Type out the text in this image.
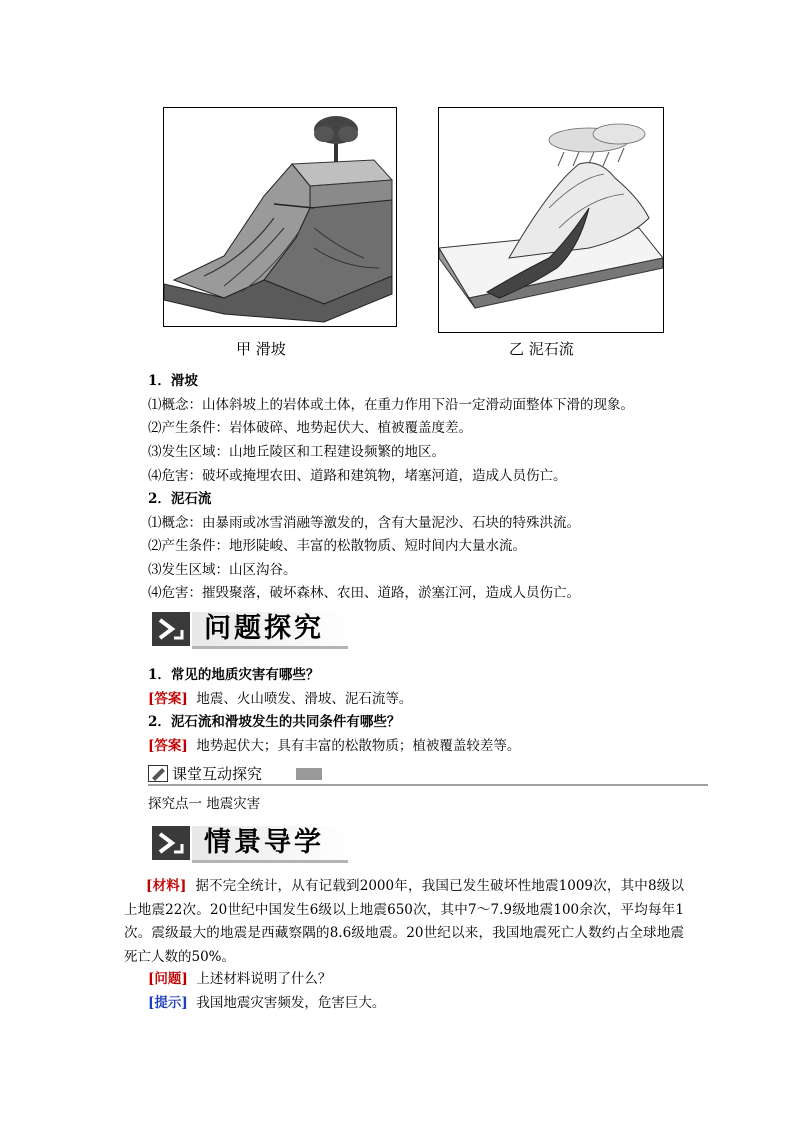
甲 滑坡	乙 泥石流
1．滑坡
⑴概念：山体斜坡上的岩体或土体，在重力作用下沿一定滑动面整体下滑的现象。
⑵产生条件：岩体破碎、地势起伏大、植被覆盖度差。
⑶发生区域：山地丘陵区和工程建设频繁的地区。
⑷危害：破坏或掩埋农田、道路和建筑物，堵塞河道，造成人员伤亡。
2．泥石流
⑴概念：由暴雨或冰雪消融等激发的，含有大量泥沙、石块的特殊洪流。
⑵产生条件：地形陡峻、丰富的松散物质、短时间内大量水流。
⑶发生区域：山区沟谷。
⑷危害：摧毁聚落，破坏森林、农田、道路，淤塞江河，造成人员伤亡。
问题探究
1．常见的地质灾害有哪些？
[答案] 地震、火山喷发、滑坡、泥石流等。
2．泥石流和滑坡发生的共同条件有哪些？
[答案] 地势起伏大；具有丰富的松散物质；植被覆盖较差等。
课堂互动探究
探究点一 地震灾害
情景导学
[材料] 据不完全统计，从有记载到2000年，我国已发生破坏性地震1009次，其中8级以上地震22次。20世纪中国发生6级以上地震650次，其中7～7.9级地震100余次，平均每年1次。震级最大的地震是西藏察隅的8.6级地震。20世纪以来，我国地震死亡人数约占全球地震死亡人数的50%。
[问题] 上述材料说明了什么？
[提示] 我国地震灾害频发，危害巨大。
